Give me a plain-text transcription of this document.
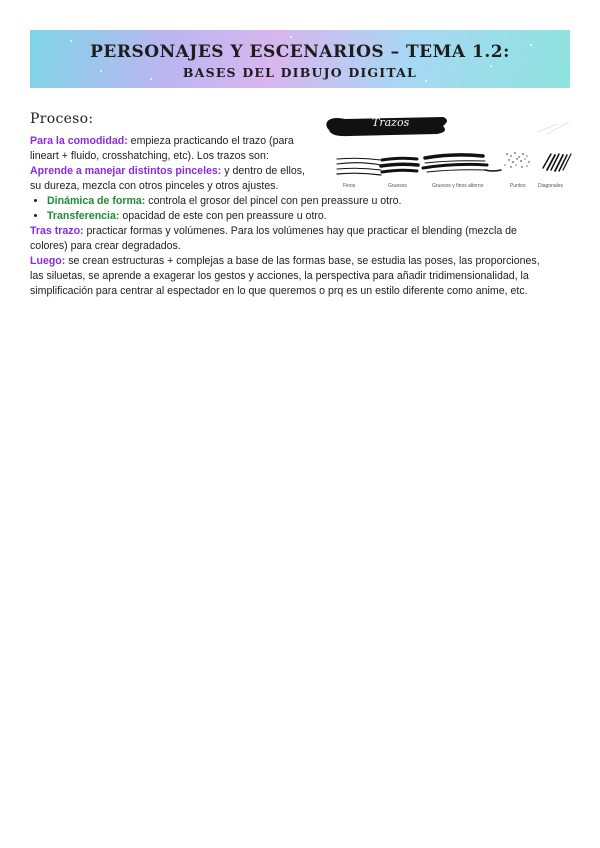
PERSONAJES Y ESCENARIOS – TEMA 1.2:
BASES DEL DIBUJO DIGITAL
Proceso:
Para la comodidad: empieza practicando el trazo (para
lineart + fluido, crosshatching, etc). Los trazos son:
Aprende a manejar distintos pinceles: y dentro de ellos,
su dureza, mezcla con otros pinceles y otros ajustes.
• Dinámica de forma: controla el grosor del pincel con pen preassure u otro.
• Transferencia: opacidad de este con pen preassure u otro.
Tras trazo: practicar formas y volúmenes. Para los volúmenes hay que practicar el blending (mezcla de
colores) para crear degradados.
Luego: se crean estructuras + complejas a base de las formas base, se estudia las poses, las proporciones,
las siluetas, se aprende a exagerar los gestos y acciones, la perspectiva para añadir tridimensionalidad, la
simplificación para centrar al espectador en lo que queremos o prq es un estilo diferente como anime, etc.
Trazos
Finos	Gruesos	Gruesos y finos alterno	Puntos Diagonales
